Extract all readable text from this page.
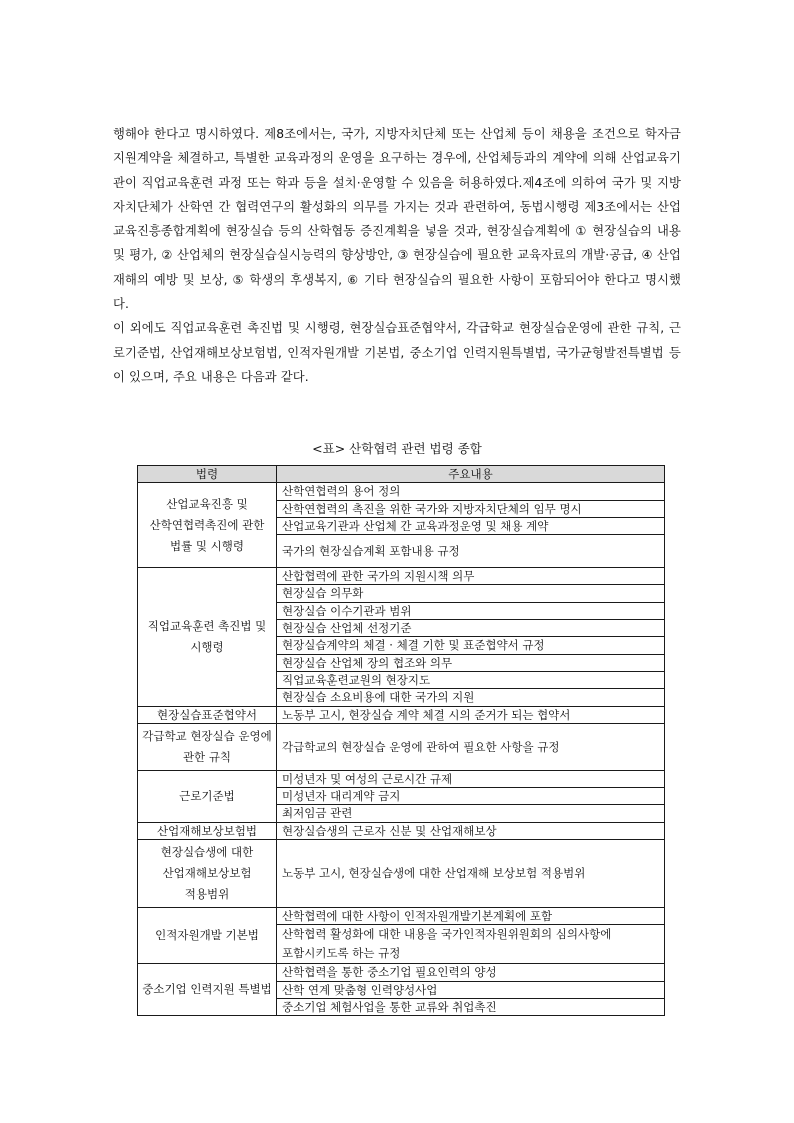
행해야 한다고 명시하였다. 제8조에서는, 국가, 지방자치단체 또는 산업체 등이 채용을 조건으로 학자금 지원계약을 체결하고, 특별한 교육과정의 운영을 요구하는 경우에, 산업체등과의 계약에 의해 산업교육기관이 직업교육훈련 과정 또는 학과 등을 설치·운영할 수 있음을 허용하였다.제4조에 의하여 국가 및 지방자치단체가 산학연 간 협력연구의 활성화의 의무를 가지는 것과 관련하여, 동법시행령 제3조에서는 산업교육진흥종합계획에 현장실습 등의 산학협동 증진계획을 넣을 것과, 현장실습계획에 ① 현장실습의 내용 및 평가, ② 산업체의 현장실습실시능력의 향상방안, ③ 현장실습에 필요한 교육자료의 개발·공급, ④ 산업재해의 예방 및 보상, ⑤ 학생의 후생복지, ⑥ 기타 현장실습의 필요한 사항이 포함되어야 한다고 명시했다.

이 외에도 직업교육훈련 촉진법 및 시행령, 현장실습표준협약서, 각급학교 현장실습운영에 관한 규칙, 근로기준법, 산업재해보상보험법, 인적자원개발 기본법, 중소기업 인력지원특별법, 국가균형발전특별법 등이 있으며, 주요 내용은 다음과 같다.

<표> 산학협력 관련 법령 종합
법령	주요내용
산업교육진흥 및 산학연협력촉진에 관한 법률 및 시행령	산학연협력의 용어 정의
	산학연협력의 촉진을 위한 국가와 지방자치단체의 임무 명시
	산업교육기관과 산업체 간 교육과정운영 및 채용 계약
	국가의 현장실습계획 포함내용 규정
직업교육훈련 촉진법 및 시행령	산합협력에 관한 국가의 지원시책 의무
	현장실습 의무화
	현장실습 이수기관과 범위
	현장실습 산업체 선정기준
	현장실습계약의 체결 · 체결 기한 및 표준협약서 규정
	현장실습 산업체 장의 협조와 의무
	직업교육훈련교원의 현장지도
	현장실습 소요비용에 대한 국가의 지원
현장실습표준협약서	노동부 고시, 현장실습 계약 체결 시의 준거가 되는 협약서
각급학교 현장실습 운영에 관한 규칙	각급학교의 현장실습 운영에 관하여 필요한 사항을 규정
근로기준법	미성년자 및 여성의 근로시간 규제
	미성년자 대리계약 금지
	최저임금 관련
산업재해보상보험법	현장실습생의 근로자 신분 및 산업재해보상
현장실습생에 대한 산업재해보상보험 적용범위	노동부 고시, 현장실습생에 대한 산업재해 보상보험 적용범위
인적자원개발 기본법	산학협력에 대한 사항이 인적자원개발기본계획에 포함
	산학협력 활성화에 대한 내용을 국가인적자원위원회의 심의사항에 포함시키도록 하는 규정
중소기업 인력지원 특별법	산학협력을 통한 중소기업 필요인력의 양성
	산학 연계 맞춤형 인력양성사업
	중소기업 체험사업을 통한 교류와 취업촉진
